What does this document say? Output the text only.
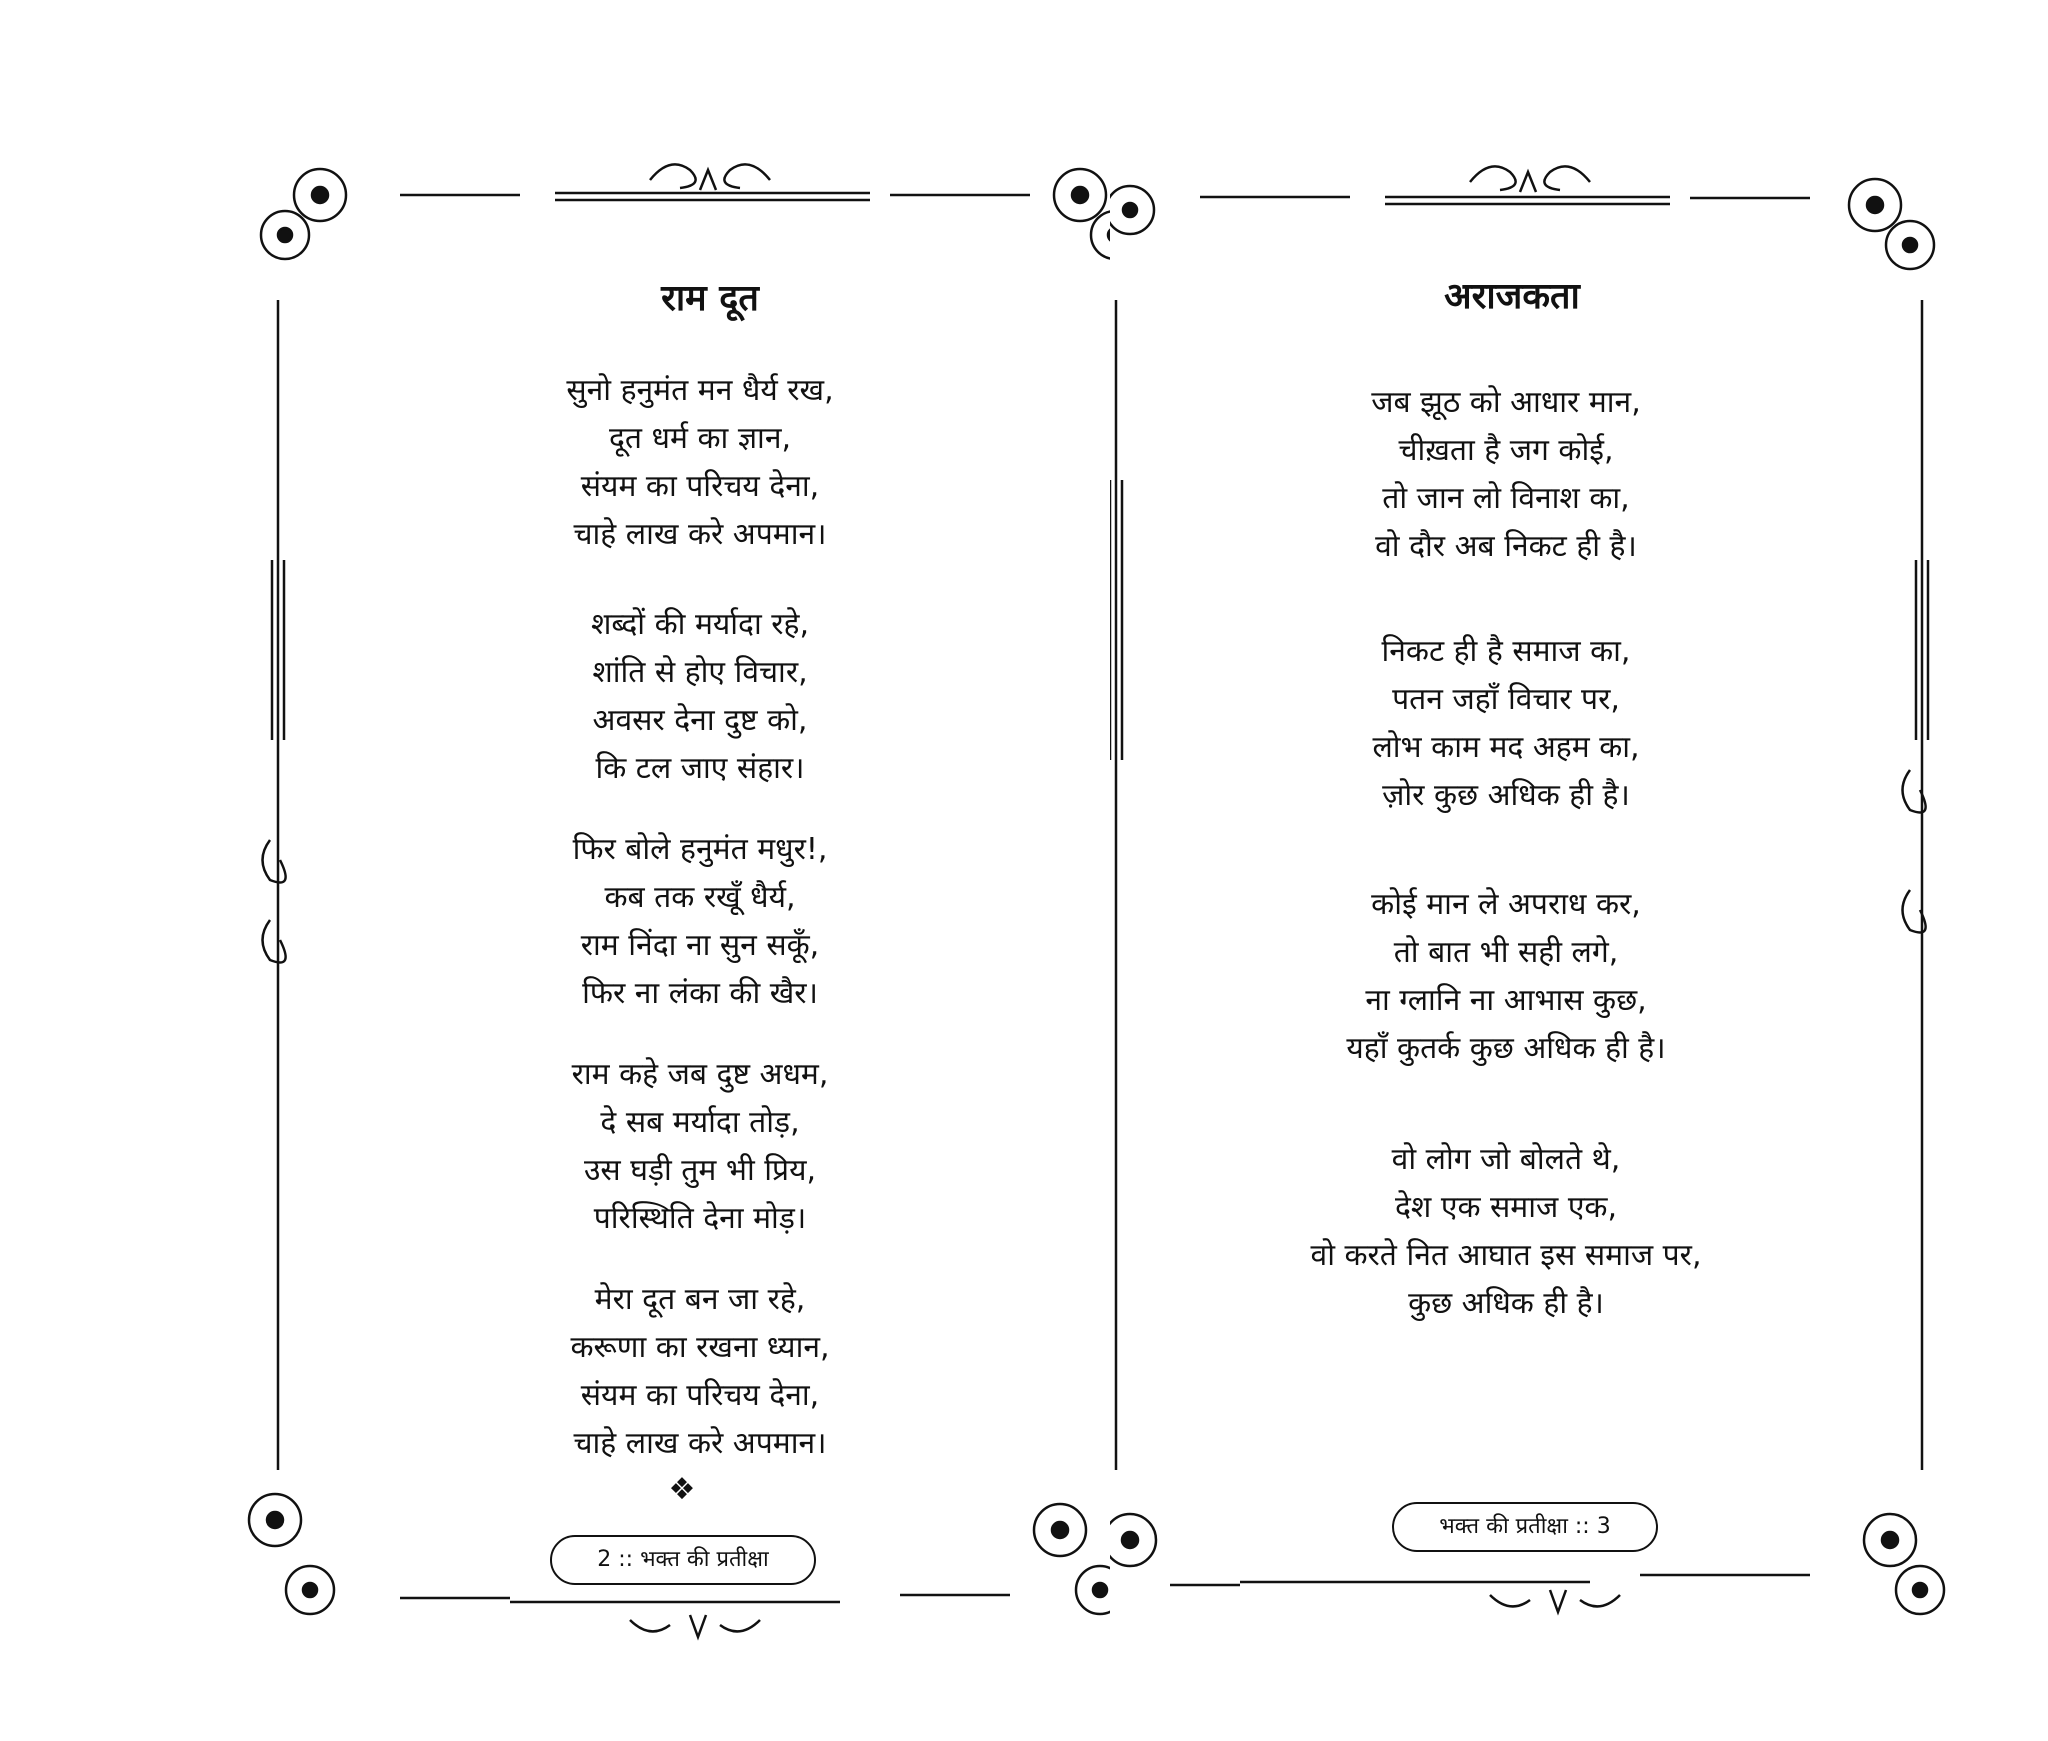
राम दूत
सुनो हनुमंत मन धैर्य रख,
दूत धर्म का ज्ञान,
संयम का परिचय देना,
चाहे लाख करे अपमान।
शब्दों की मर्यादा रहे,
शांति से होए विचार,
अवसर देना दुष्ट को,
कि टल जाए संहार।
फिर बोले हनुमंत मधुर!,
कब तक रखूँ धैर्य,
राम निंदा ना सुन सकूँ,
फिर ना लंका की खैर।
राम कहे जब दुष्ट अधम,
दे सब मर्यादा तोड़,
उस घड़ी तुम भी प्रिय,
परिस्थिति देना मोड़।
मेरा दूत बन जा रहे,
करूणा का रखना ध्यान,
संयम का परिचय देना,
चाहे लाख करे अपमान।
❖
2 :: भक्त की प्रतीक्षा
अराजकता
जब झूठ को आधार मान,
चीख़ता है जग कोई,
तो जान लो विनाश का,
वो दौर अब निकट ही है।
निकट ही है समाज का,
पतन जहाँ विचार पर,
लोभ काम मद अहम का,
ज़ोर कुछ अधिक ही है।
कोई मान ले अपराध कर,
तो बात भी सही लगे,
ना ग्लानि ना आभास कुछ,
यहाँ कुतर्क कुछ अधिक ही है।
वो लोग जो बोलते थे,
देश एक समाज एक,
वो करते नित आघात इस समाज पर,
कुछ अधिक ही है।
भक्त की प्रतीक्षा :: 3
